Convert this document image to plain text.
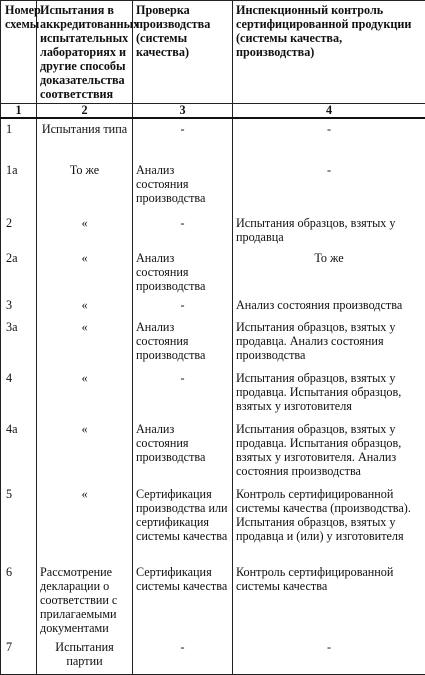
Номер схемы	Испытания в аккредитованных испытательных лабораториях и другие способы доказательства соответствия	Проверка производства (системы качества)	Инспекционный контроль сертифицированной продукции (системы качества, производства)
1	2	3	4
1	Испытания типа	-	-
1a	То же	Анализ состояния производства	-
2	«	-	Испытания образцов, взятых у продавца
2a	«	Анализ состояния производства	То же
3	«	-	Анализ состояния производства
3a	«	Анализ состояния производства	Испытания образцов, взятых у продавца. Анализ состояния производства
4	«	-	Испытания образцов, взятых у продавца. Испытания образцов, взятых у изготовителя
4a	«	Анализ состояния производства	Испытания образцов, взятых у продавца. Испытания образцов, взятых у изготовителя. Анализ состояния производства
5	«	Сертификация производства или сертификация системы качества	Контроль сертифицированной системы качества (производства). Испытания образцов, взятых у продавца и (или) у изготовителя
6	Рассмотрение декларации о соответствии с прилагаемыми документами	Сертификация системы качества	Контроль сертифицированной системы качества
7	Испытания партии	-	-
